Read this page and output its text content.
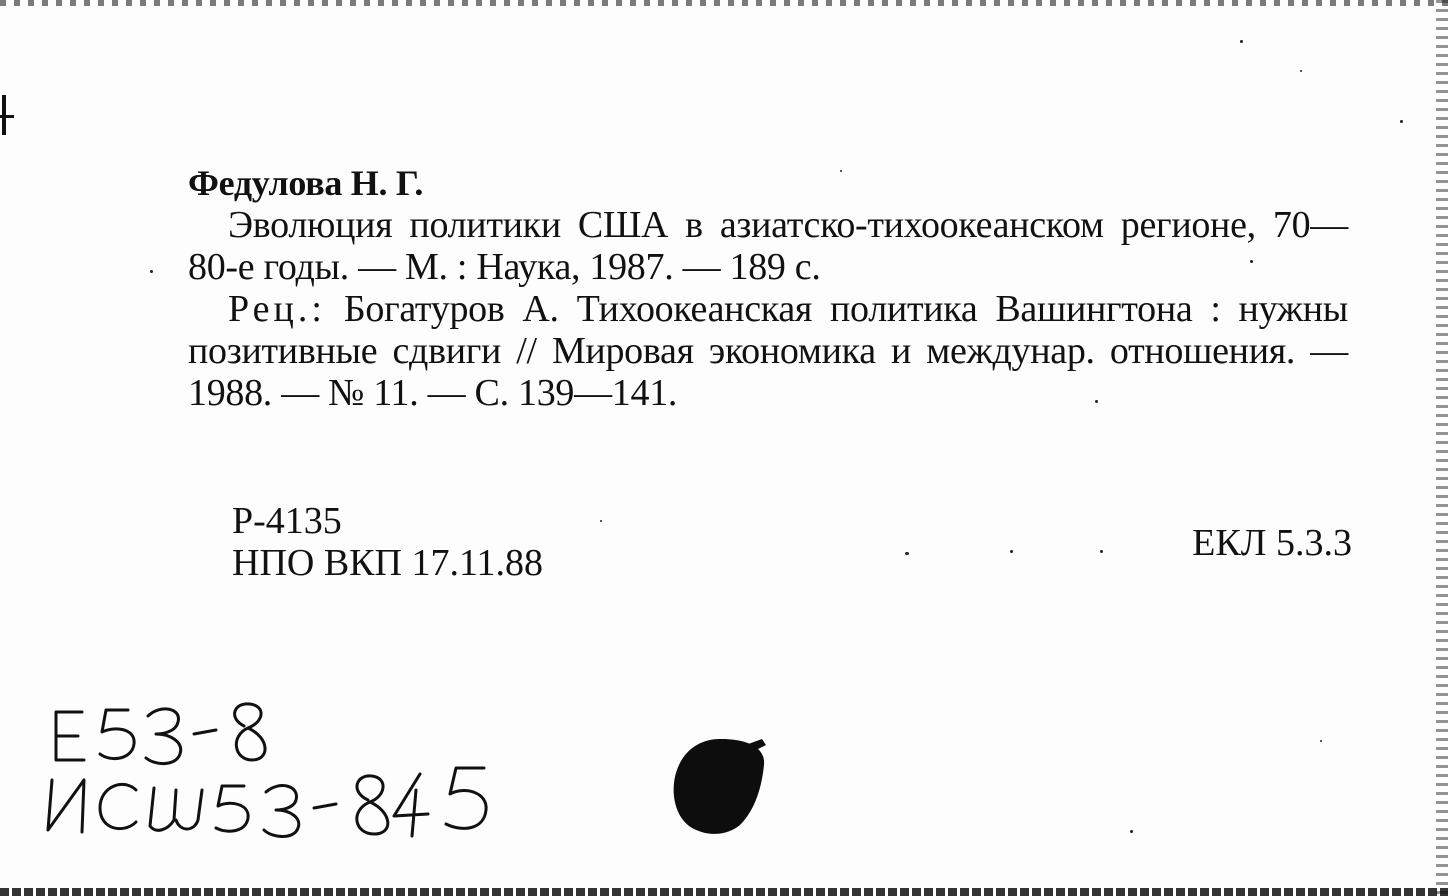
Федулова Н. Г.
Эволюция политики США в азиатско-тихоокеанском регионе, 70—80-е годы. — М. : Наука, 1987. — 189 с.
Рец.: Богатуров А. Тихоокеанская политика Вашингтона : нужны позитивные сдвиги // Мировая экономика и междунар. отношения. — 1988. — № 11. — С. 139—141.
Р-4135
НПО ВКП 17.11.88	ЕКЛ 5.3.3
